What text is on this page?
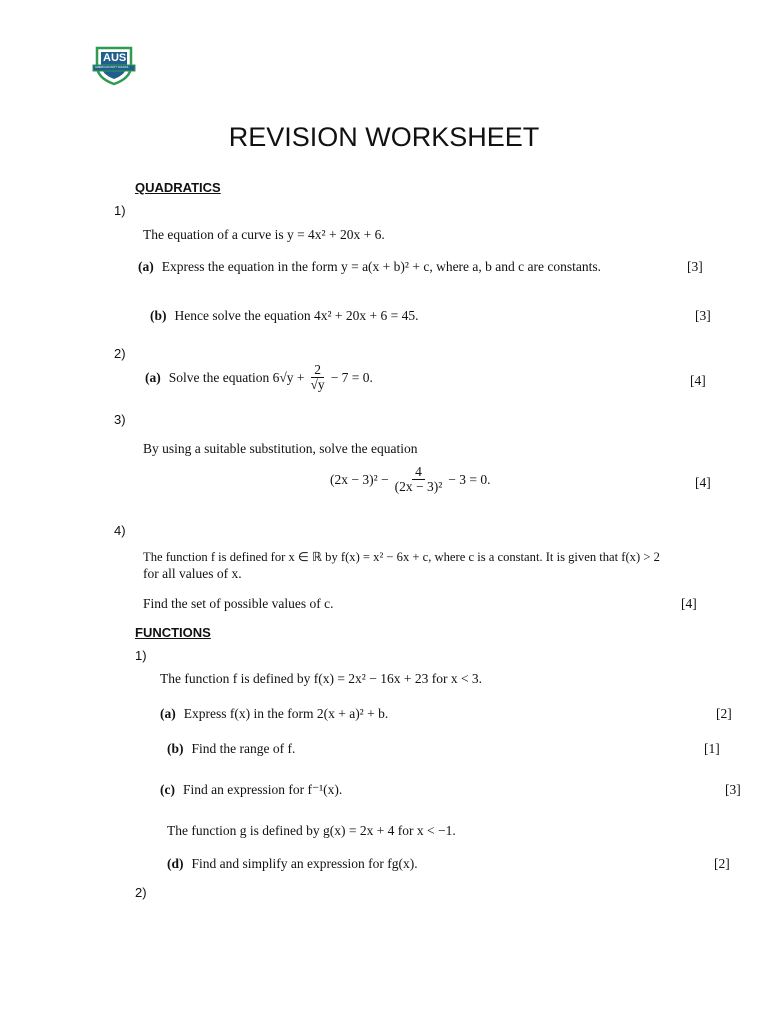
AUS
AMERICAN UNITY SCHOOL
REVISION WORKSHEET
QUADRATICS
1)
The equation of a curve is y = 4x² + 20x + 6.
(a) Express the equation in the form y = a(x + b)² + c, where a, b and c are constants.	[3]
(b) Hence solve the equation 4x² + 20x + 6 = 45.	[3]
2)
(a) Solve the equation $6√y + \frac{2}{√y} - 7 = 0$.	[4]
3)
By using a suitable substitution, solve the equation
$(2x - 3)^2 - \frac{4}{\text{(2x − 3)²}} - 3 = 0$.	[4]
4)
The function f is defined for x ∈ ℝ by f(x) = x² − 6x + c, where c is a constant. It is given that f(x) > 2
for all values of x.
Find the set of possible values of c.	[4]
FUNCTIONS
1)
The function f is defined by f(x) = 2x² − 16x + 23 for x < 3.
(a) Express f(x) in the form 2(x + a)² + b.	[2]
(b) Find the range of f.	[1]
(c) Find an expression for f⁻¹(x).	[3]
The function g is defined by g(x) = 2x + 4 for x < −1.
(d) Find and simplify an expression for fg(x).	[2]
2)
